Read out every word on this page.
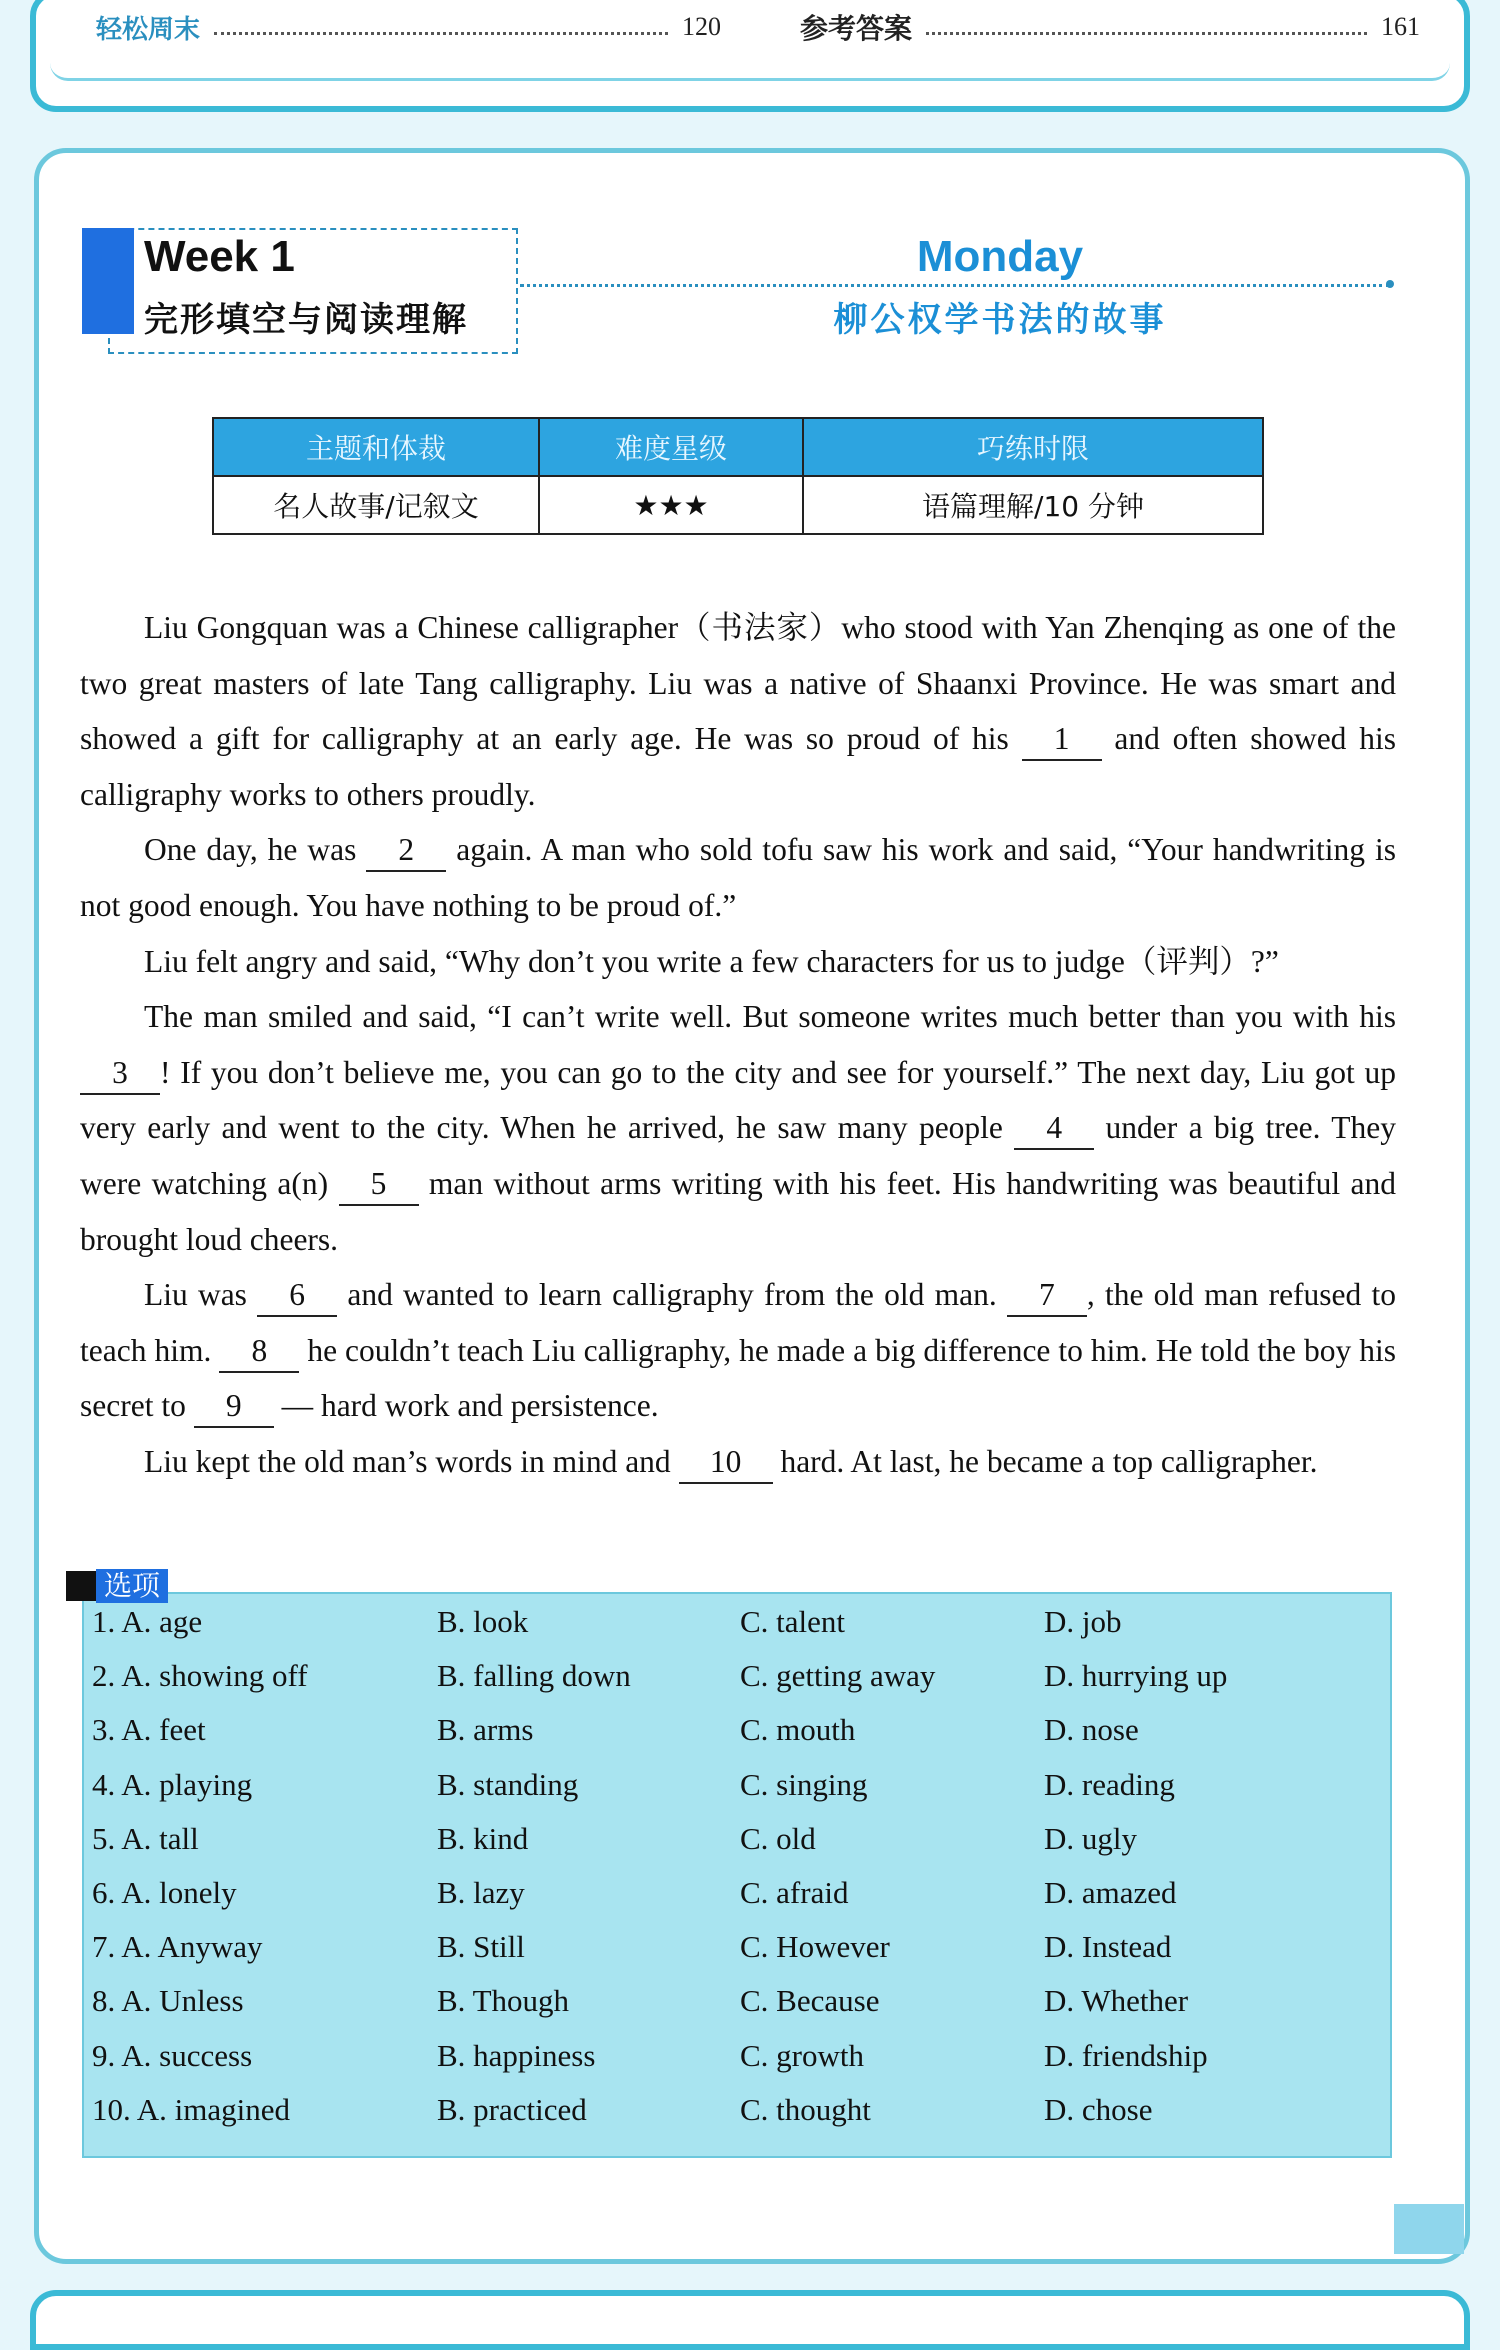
轻松周末	120	参考答案	161
Week 1
完形填空与阅读理解
Monday
柳公权学书法的故事
主题和体裁	难度星级	巧练时限
名人故事/记叙文	★★★	语篇理解/10 分钟

Liu Gongquan was a Chinese calligrapher（书法家）who stood with Yan Zhenqing as one of the two great masters of late Tang calligraphy. Liu was a native of Shaanxi Province. He was smart and showed a gift for calligraphy at an early age. He was so proud of his 1 and often showed his calligraphy works to others proudly.

One day, he was 2 again. A man who sold tofu saw his work and said, “Your handwriting is not good enough. You have nothing to be proud of.”

Liu felt angry and said, “Why don’t you write a few characters for us to judge（评判）?”

The man smiled and said, “I can’t write well. But someone writes much better than you with his 3 ! If you don’t believe me, you can go to the city and see for yourself.” The next day, Liu got up very early and went to the city. When he arrived, he saw many people 4 under a big tree. They were watching a(n) 5 man without arms writing with his feet. His handwriting was beautiful and brought loud cheers.

Liu was 6 and wanted to learn calligraphy from the old man. 7 , the old man refused to teach him. 8 he couldn’t teach Liu calligraphy, he made a big difference to him. He told the boy his secret to 9 — hard work and persistence.

Liu kept the old man’s words in mind and 10 hard. At last, he became a top calligrapher.

1. A. age	B. look	C. talent	D. job
2. A. showing off	B. falling down	C. getting away	D. hurrying up
3. A. feet	B. arms	C. mouth	D. nose
4. A. playing	B. standing	C. singing	D. reading
5. A. tall	B. kind	C. old	D. ugly
6. A. lonely	B. lazy	C. afraid	D. amazed
7. A. Anyway	B. Still	C. However	D. Instead
8. A. Unless	B. Though	C. Because	D. Whether
9. A. success	B. happiness	C. growth	D. friendship
10. A. imagined	B. practiced	C. thought	D. chose
选项
